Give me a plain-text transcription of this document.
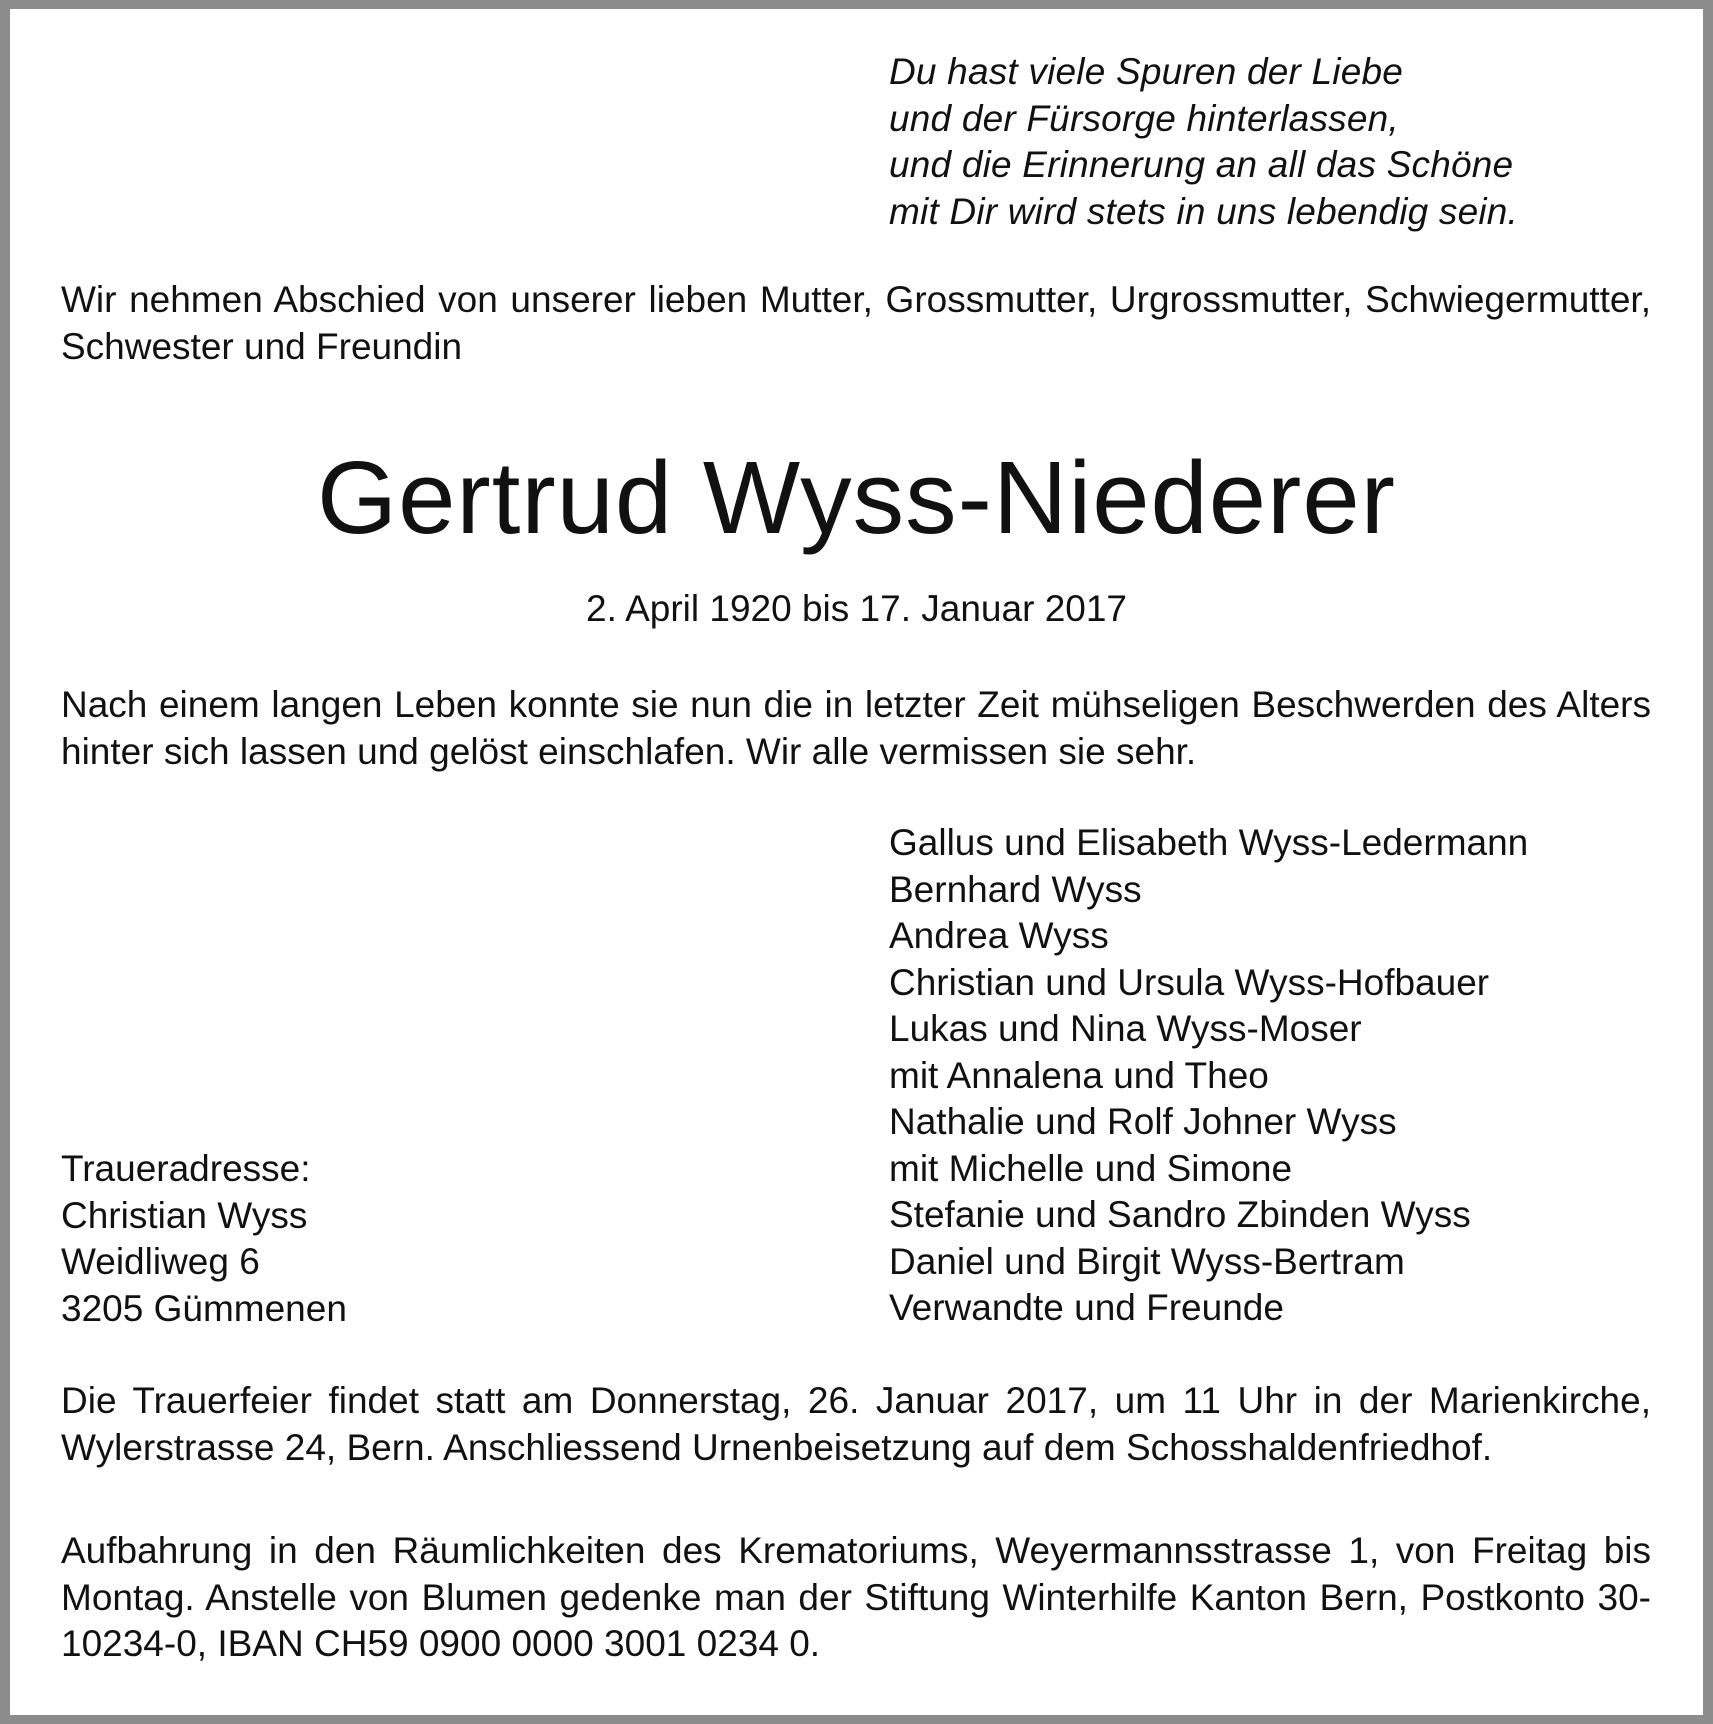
Du hast viele Spuren der Liebe
und der Fürsorge hinterlassen,
und die Erinnerung an all das Schöne
mit Dir wird stets in uns lebendig sein.
Wir nehmen Abschied von unserer lieben Mutter, Grossmutter, Urgrossmutter, Schwiegermutter, Schwester und Freundin
Gertrud Wyss-Niederer
2. April 1920 bis 17. Januar 2017
Nach einem langen Leben konnte sie nun die in letzter Zeit mühseligen Beschwerden des Alters hinter sich lassen und gelöst einschlafen. Wir alle vermissen sie sehr.
Gallus und Elisabeth Wyss-Ledermann
Bernhard Wyss
Andrea Wyss
Christian und Ursula Wyss-Hofbauer
Lukas und Nina Wyss-Moser
mit Annalena und Theo
Nathalie und Rolf Johner Wyss
mit Michelle und Simone
Stefanie und Sandro Zbinden Wyss
Daniel und Birgit Wyss-Bertram
Verwandte und Freunde
Traueradresse:
Christian Wyss
Weidliweg 6
3205 Gümmenen
Die Trauerfeier findet statt am Donnerstag, 26. Januar 2017, um 11 Uhr in der Marienkirche, Wylerstrasse 24, Bern. Anschliessend Urnenbeisetzung auf dem Schosshaldenfriedhof.
Aufbahrung in den Räumlichkeiten des Krematoriums, Weyermannsstrasse 1, von Freitag bis Montag. Anstelle von Blumen gedenke man der Stiftung Winterhilfe Kanton Bern, Postkonto 30-10234-0, IBAN CH59 0900 0000 3001 0234 0.
